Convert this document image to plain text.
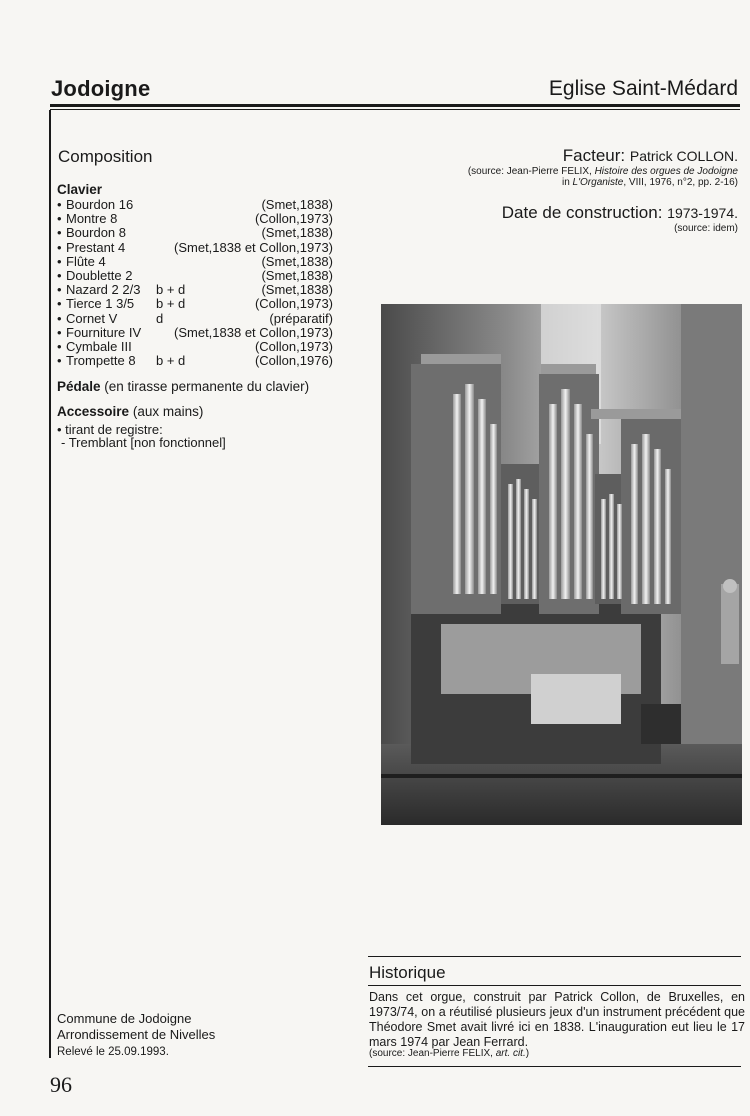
Jodoigne	Eglise Saint-Médard
Composition
Clavier
• Bourdon 16	(Smet,1838)
• Montre 8	(Collon,1973)
• Bourdon 8	(Smet,1838)
• Prestant 4	(Smet,1838 et Collon,1973)
• Flûte 4	(Smet,1838)
• Doublette 2	(Smet,1838)
• Nazard 2 2/3 b + d	(Smet,1838)
• Tierce 1 3/5 b + d	(Collon,1973)
• Cornet V	d	(préparatif)
• Fourniture IV	(Smet,1838 et Collon,1973)
• Cymbale III	(Collon,1973)
• Trompette 8 b + d	(Collon,1976)
Pédale (en tirasse permanente du clavier)
Accessoire (aux mains)
• tirant de registre:
- Tremblant [non fonctionnel]
Facteur: Patrick COLLON.
(source: Jean-Pierre FELIX, Histoire des orgues de Jodoigne
in L'Organiste, VIII, 1976, n°2, pp. 2-16)
Date de construction: 1973-1974.
(source: idem)
Historique
Dans cet orgue, construit par Patrick Collon, de Bruxelles, en 1973/74, on a réutilisé plusieurs jeux d'un instrument précédent que Théodore Smet avait livré ici en 1838. L'inauguration eut lieu le 17 mars 1974 par Jean Ferrard.
(source: Jean-Pierre FELIX, art. cit.)
Commune de Jodoigne
Arrondissement de Nivelles
Relevé le 25.09.1993.
96
